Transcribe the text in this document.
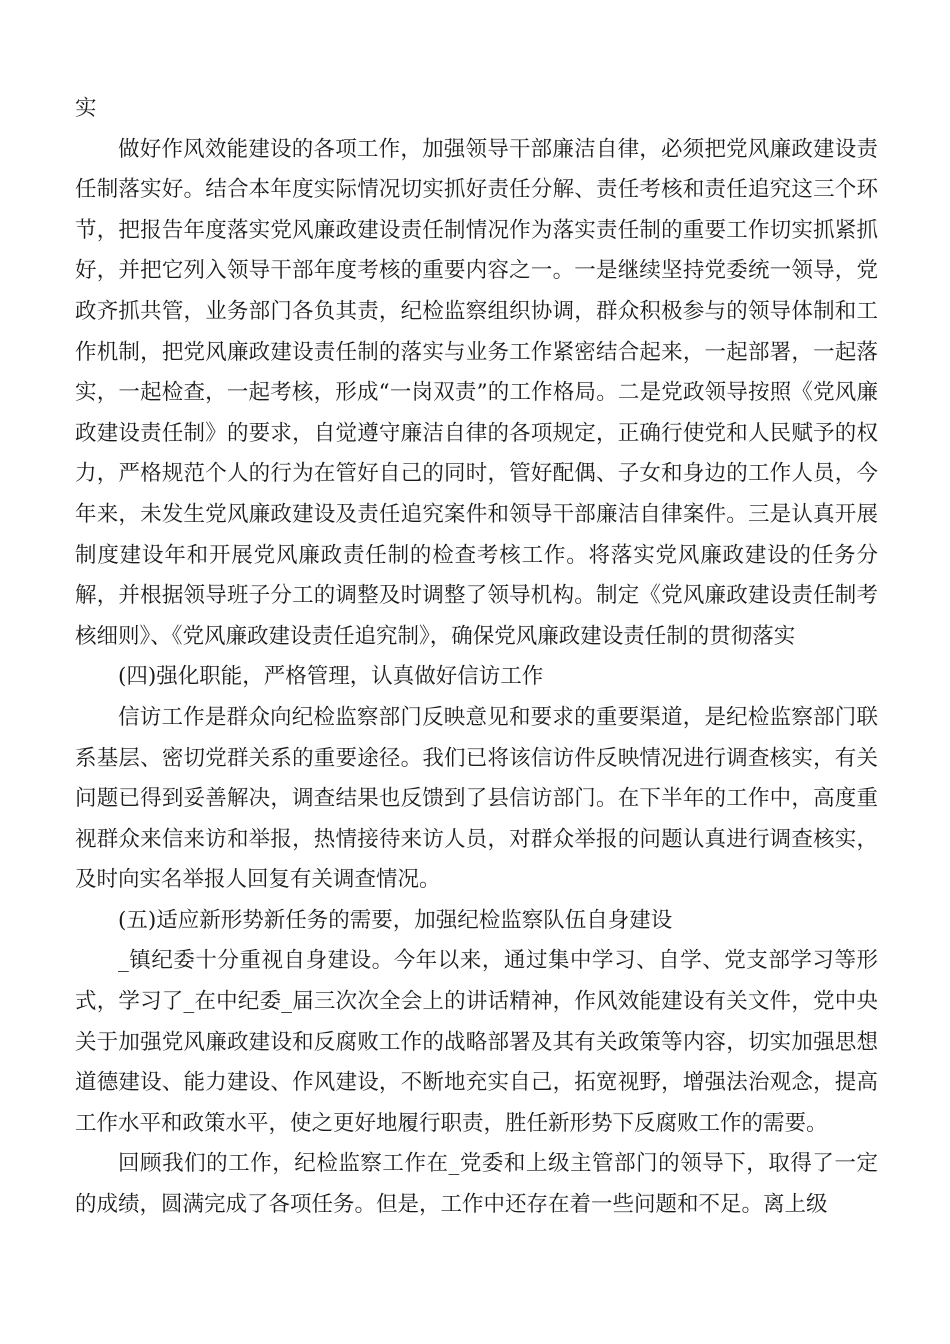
实

做好作风效能建设的各项工作，加强领导干部廉洁自律，必须把党风廉政建设责任制落实好。结合本年度实际情况切实抓好责任分解、责任考核和责任追究这三个环节，把报告年度落实党风廉政建设责任制情况作为落实责任制的重要工作切实抓紧抓好，并把它列入领导干部年度考核的重要内容之一。一是继续坚持党委统一领导，党政齐抓共管，业务部门各负其责，纪检监察组织协调，群众积极参与的领导体制和工作机制，把党风廉政建设责任制的落实与业务工作紧密结合起来，一起部署，一起落实，一起检查，一起考核，形成“一岗双责”的工作格局。二是党政领导按照《党风廉政建设责任制》的要求，自觉遵守廉洁自律的各项规定，正确行使党和人民赋予的权力，严格规范个人的行为在管好自己的同时，管好配偶、子女和身边的工作人员，今年来，未发生党风廉政建设及责任追究案件和领导干部廉洁自律案件。三是认真开展制度建设年和开展党风廉政责任制的检查考核工作。将落实党风廉政建设的任务分解，并根据领导班子分工的调整及时调整了领导机构。制定《党风廉政建设责任制考核细则》、《党风廉政建设责任追究制》，确保党风廉政建设责任制的贯彻落实

(四)强化职能，严格管理，认真做好信访工作

信访工作是群众向纪检监察部门反映意见和要求的重要渠道，是纪检监察部门联系基层、密切党群关系的重要途径。我们已将该信访件反映情况进行调查核实，有关问题已得到妥善解决，调查结果也反馈到了县信访部门。在下半年的工作中，高度重视群众来信来访和举报，热情接待来访人员，对群众举报的问题认真进行调查核实，及时向实名举报人回复有关调查情况。

(五)适应新形势新任务的需要，加强纪检监察队伍自身建设

_镇纪委十分重视自身建设。今年以来，通过集中学习、自学、党支部学习等形式，学习了_在中纪委_届三次次全会上的讲话精神，作风效能建设有关文件，党中央关于加强党风廉政建设和反腐败工作的战略部署及其有关政策等内容，切实加强思想道德建设、能力建设、作风建设，不断地充实自己，拓宽视野，增强法治观念，提高工作水平和政策水平，使之更好地履行职责，胜任新形势下反腐败工作的需要。

回顾我们的工作，纪检监察工作在_党委和上级主管部门的领导下，取得了一定的成绩，圆满完成了各项任务。但是，工作中还存在着一些问题和不足。离上级
